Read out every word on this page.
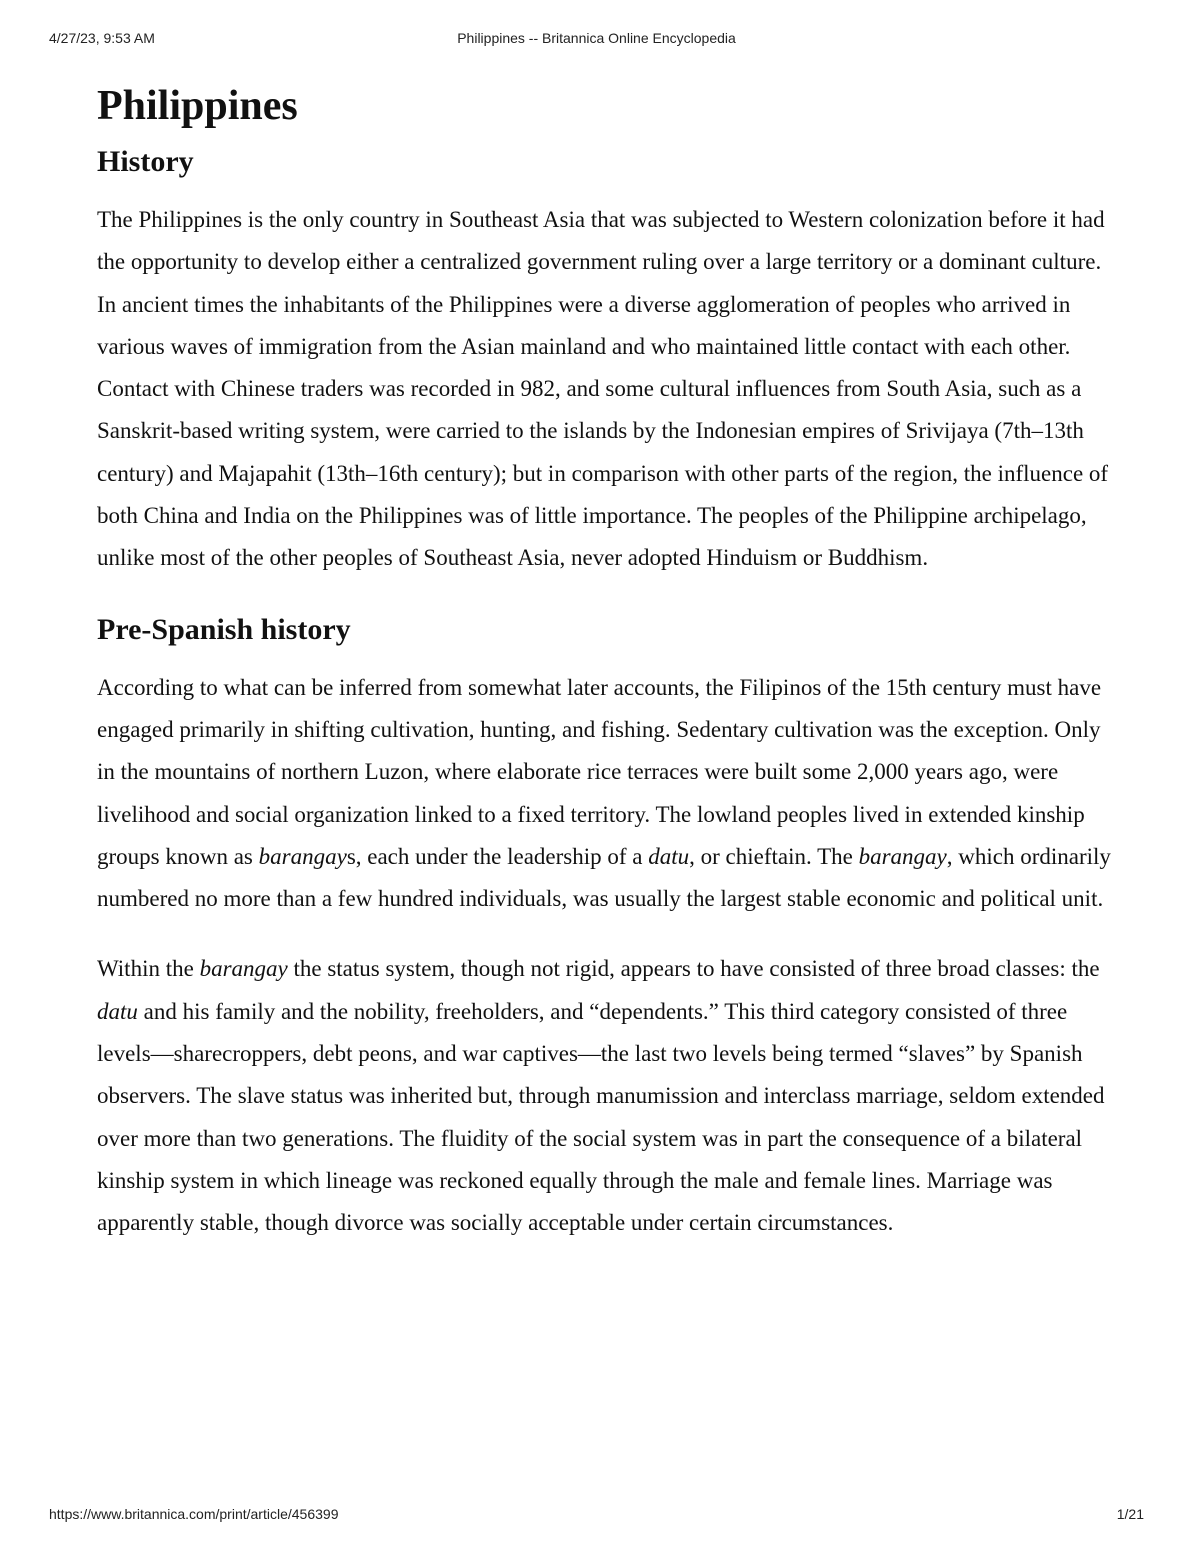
4/27/23, 9:53 AM	Philippines -- Britannica Online Encyclopedia
Philippines
History

The Philippines is the only country in Southeast Asia that was subjected to Western colonization before it had the opportunity to develop either a centralized government ruling over a large territory or a dominant culture. In ancient times the inhabitants of the Philippines were a diverse agglomeration of peoples who arrived in various waves of immigration from the Asian mainland and who maintained little contact with each other. Contact with Chinese traders was recorded in 982, and some cultural influences from South Asia, such as a Sanskrit-based writing system, were carried to the islands by the Indonesian empires of Srivijaya (7th–13th century) and Majapahit (13th–16th century); but in comparison with other parts of the region, the influence of both China and India on the Philippines was of little importance. The peoples of the Philippine archipelago, unlike most of the other peoples of Southeast Asia, never adopted Hinduism or Buddhism.

Pre-Spanish history

According to what can be inferred from somewhat later accounts, the Filipinos of the 15th century must have engaged primarily in shifting cultivation, hunting, and fishing. Sedentary cultivation was the exception. Only in the mountains of northern Luzon, where elaborate rice terraces were built some 2,000 years ago, were livelihood and social organization linked to a fixed territory. The lowland peoples lived in extended kinship groups known as barangays, each under the leadership of a datu, or chieftain. The barangay, which ordinarily numbered no more than a few hundred individuals, was usually the largest stable economic and political unit.

Within the barangay the status system, though not rigid, appears to have consisted of three broad classes: the datu and his family and the nobility, freeholders, and “dependents.” This third category consisted of three levels—sharecroppers, debt peons, and war captives—the last two levels being termed “slaves” by Spanish observers. The slave status was inherited but, through manumission and interclass marriage, seldom extended over more than two generations. The fluidity of the social system was in part the consequence of a bilateral kinship system in which lineage was reckoned equally through the male and female lines. Marriage was apparently stable, though divorce was socially acceptable under certain circumstances.

https://www.britannica.com/print/article/456399	1/21
